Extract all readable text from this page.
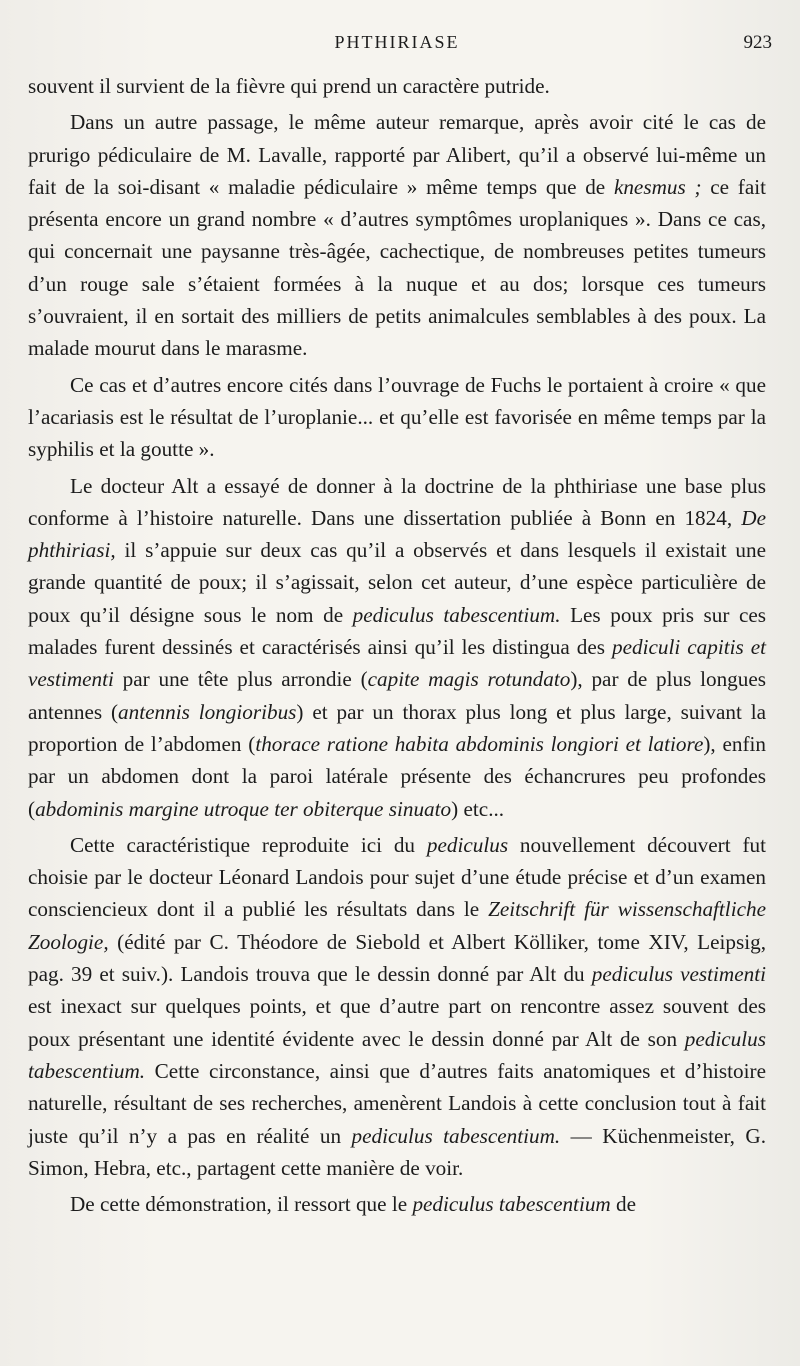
PHTHIRIASE	923

souvent il survient de la fièvre qui prend un caractère putride.

Dans un autre passage, le même auteur remarque, après avoir cité le cas de prurigo pédiculaire de M. Lavalle, rapporté par Alibert, qu’il a observé lui-même un fait de la soi-disant « maladie pédiculaire » même temps que de knesmus ; ce fait présenta encore un grand nombre « d’autres symptômes uroplaniques ». Dans ce cas, qui concernait une paysanne très-âgée, cachectique, de nombreuses petites tumeurs d’un rouge sale s’étaient formées à la nuque et au dos; lorsque ces tumeurs s’ouvraient, il en sortait des milliers de petits animalcules semblables à des poux. La malade mourut dans le marasme.

Ce cas et d’autres encore cités dans l’ouvrage de Fuchs le portaient à croire « que l’acariasis est le résultat de l’uroplanie... et qu’elle est favorisée en même temps par la syphilis et la goutte ».

Le docteur Alt a essayé de donner à la doctrine de la phthiriase une base plus conforme à l’histoire naturelle. Dans une dissertation publiée à Bonn en 1824, De phthiriasi, il s’appuie sur deux cas qu’il a observés et dans lesquels il existait une grande quantité de poux; il s’agissait, selon cet auteur, d’une espèce particulière de poux qu’il désigne sous le nom de pediculus tabescentium. Les poux pris sur ces malades furent dessinés et caractérisés ainsi qu’il les distingua des pediculi capitis et vestimenti par une tête plus arrondie (capite magis rotundato), par de plus longues antennes (antennis longioribus) et par un thorax plus long et plus large, suivant la proportion de l’abdomen (thorace ratione habita abdominis longiori et latiore), enfin par un abdomen dont la paroi latérale présente des échancrures peu profondes (abdominis margine utroque ter obiterque sinuato) etc...

Cette caractéristique reproduite ici du pediculus nouvellement découvert fut choisie par le docteur Léonard Landois pour sujet d’une étude précise et d’un examen consciencieux dont il a publié les résultats dans le Zeitschrift für wissenschaftliche Zoologie, (édité par C. Théodore de Siebold et Albert Kölliker, tome XIV, Leipsig, pag. 39 et suiv.). Landois trouva que le dessin donné par Alt du pediculus vestimenti est inexact sur quelques points, et que d’autre part on rencontre assez souvent des poux présentant une identité évidente avec le dessin donné par Alt de son pediculus tabescentium. Cette circonstance, ainsi que d’autres faits anatomiques et d’histoire naturelle, résultant de ses recherches, amenèrent Landois à cette conclusion tout à fait juste qu’il n’y a pas en réalité un pediculus tabescentium. — Küchenmeister, G. Simon, Hebra, etc., partagent cette manière de voir.

De cette démonstration, il ressort que le pediculus tabescentium de
